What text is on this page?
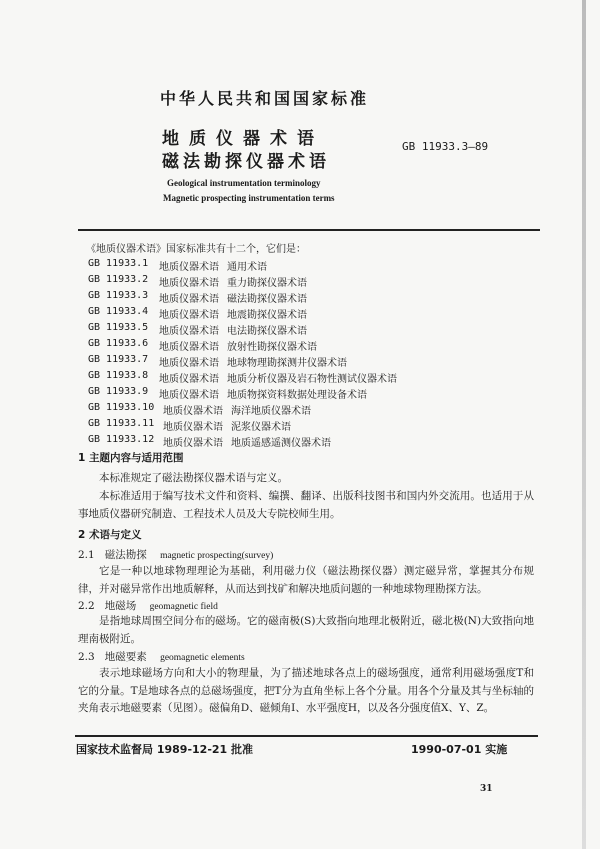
中华人民共和国国家标准
地质仪器术语
磁法勘探仪器术语
GB 11933.3—89
Geological instrumentation terminology
Magnetic prospecting instrumentation terms
《地质仪器术语》国家标准共有十二个，它们是：
GB 11933.1 地质仪器术语 通用术语
GB 11933.2 地质仪器术语 重力勘探仪器术语
GB 11933.3 地质仪器术语 磁法勘探仪器术语
GB 11933.4 地质仪器术语 地震勘探仪器术语
GB 11933.5 地质仪器术语 电法勘探仪器术语
GB 11933.6 地质仪器术语 放射性勘探仪器术语
GB 11933.7 地质仪器术语 地球物理勘探测井仪器术语
GB 11933.8 地质仪器术语 地质分析仪器及岩石物性测试仪器术语
GB 11933.9 地质仪器术语 地质物探资料数据处理设备术语
GB 11933.10 地质仪器术语 海洋地质仪器术语
GB 11933.11 地质仪器术语 泥浆仪器术语
GB 11933.12 地质仪器术语 地质遥感遥测仪器术语
1 主题内容与适用范围
本标准规定了磁法勘探仪器术语与定义。
本标准适用于编写技术文件和资料、编撰、翻译、出版科技图书和国内外交流用。也适用于从事地质仪器研究制造、工程技术人员及大专院校师生用。
2 术语与定义
2.1 磁法勘探 magnetic prospecting(survey)
它是一种以地球物理理论为基础，利用磁力仪（磁法勘探仪器）测定磁异常，掌握其分布规律，并对磁异常作出地质解释，从而达到找矿和解决地质问题的一种地球物理勘探方法。
2.2 地磁场 geomagnetic field
是指地球周围空间分布的磁场。它的磁南极(S)大致指向地理北极附近，磁北极(N)大致指向地理南极附近。
2.3 地磁要素 geomagnetic elements
表示地球磁场方向和大小的物理量，为了描述地球各点上的磁场强度，通常利用磁场强度T和它的分量。T是地球各点的总磁场强度，把T分为直角坐标上各个分量。用各个分量及其与坐标轴的夹角表示地磁要素（见图）。磁偏角D、磁倾角I、水平强度H，以及各分强度值X、Y、Z。
国家技术监督局 1989-12-21 批准	1990-07-01 实施
31
